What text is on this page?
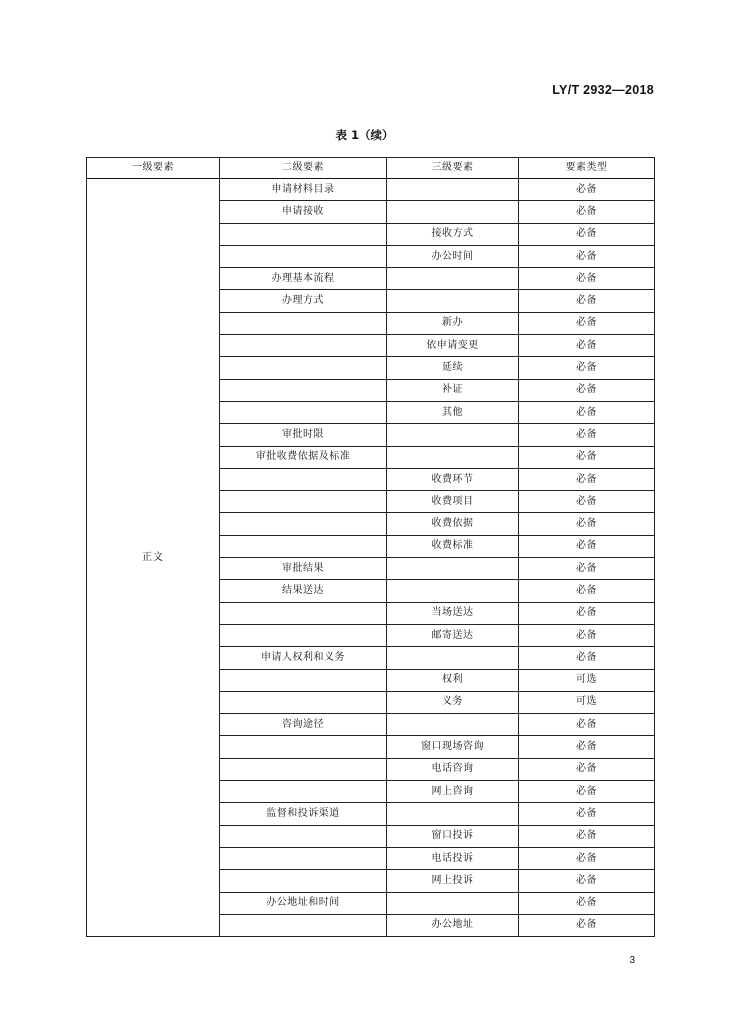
LY/T 2932—2018
表 1（续）
一级要素	二级要素	三级要素	要素类型
正文	申请材料目录		必备
	申请接收		必备
		接收方式	必备
		办公时间	必备
	办理基本流程		必备
	办理方式		必备
		新办	必备
		依申请变更	必备
		延续	必备
		补证	必备
		其他	必备
	审批时限		必备
	审批收费依据及标准		必备
		收费环节	必备
		收费项目	必备
		收费依据	必备
		收费标准	必备
	审批结果		必备
	结果送达		必备
		当场送达	必备
		邮寄送达	必备
	申请人权利和义务		必备
		权利	可选
		义务	可选
	咨询途径		必备
		窗口现场咨询	必备
		电话咨询	必备
		网上咨询	必备
	监督和投诉渠道		必备
		窗口投诉	必备
		电话投诉	必备
		网上投诉	必备
	办公地址和时间		必备
		办公地址	必备
3
